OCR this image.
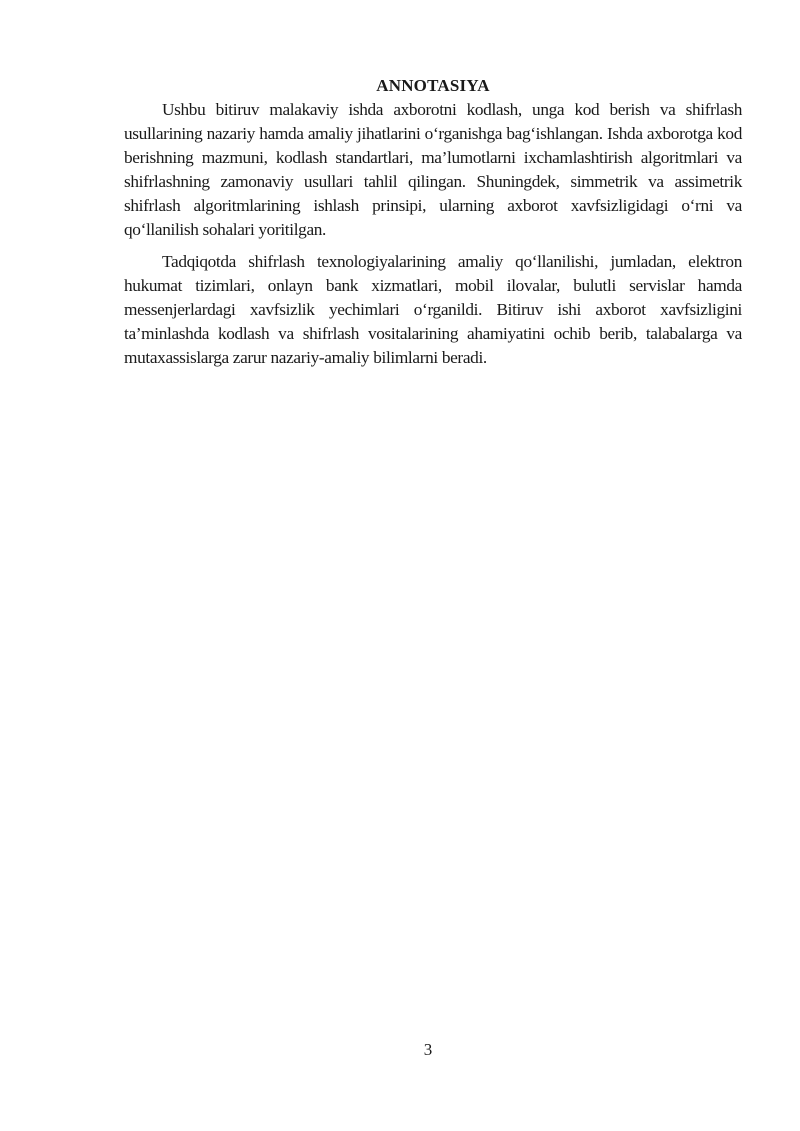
ANNOTASIYA

Ushbu bitiruv malakaviy ishda axborotni kodlash, unga kod berish va shifrlash usullarining nazariy hamda amaliy jihatlarini o‘rganishga bag‘ishlangan. Ishda axborotga kod berishning mazmuni, kodlash standartlari, ma’lumotlarni ixchamlashtirish algoritmlari va shifrlashning zamonaviy usullari tahlil qilingan. Shuningdek, simmetrik va assimetrik shifrlash algoritmlarining ishlash prinsipi, ularning axborot xavfsizligidagi o‘rni va qo‘llanilish sohalari yoritilgan.

Tadqiqotda shifrlash texnologiyalarining amaliy qo‘llanilishi, jumladan, elektron hukumat tizimlari, onlayn bank xizmatlari, mobil ilovalar, bulutli servislar hamda messenjerlardagi xavfsizlik yechimlari o‘rganildi. Bitiruv ishi axborot xavfsizligini ta’minlashda kodlash va shifrlash vositalarining ahamiyatini ochib berib, talabalarga va mutaxassislarga zarur nazariy-amaliy bilimlarni beradi.

3
